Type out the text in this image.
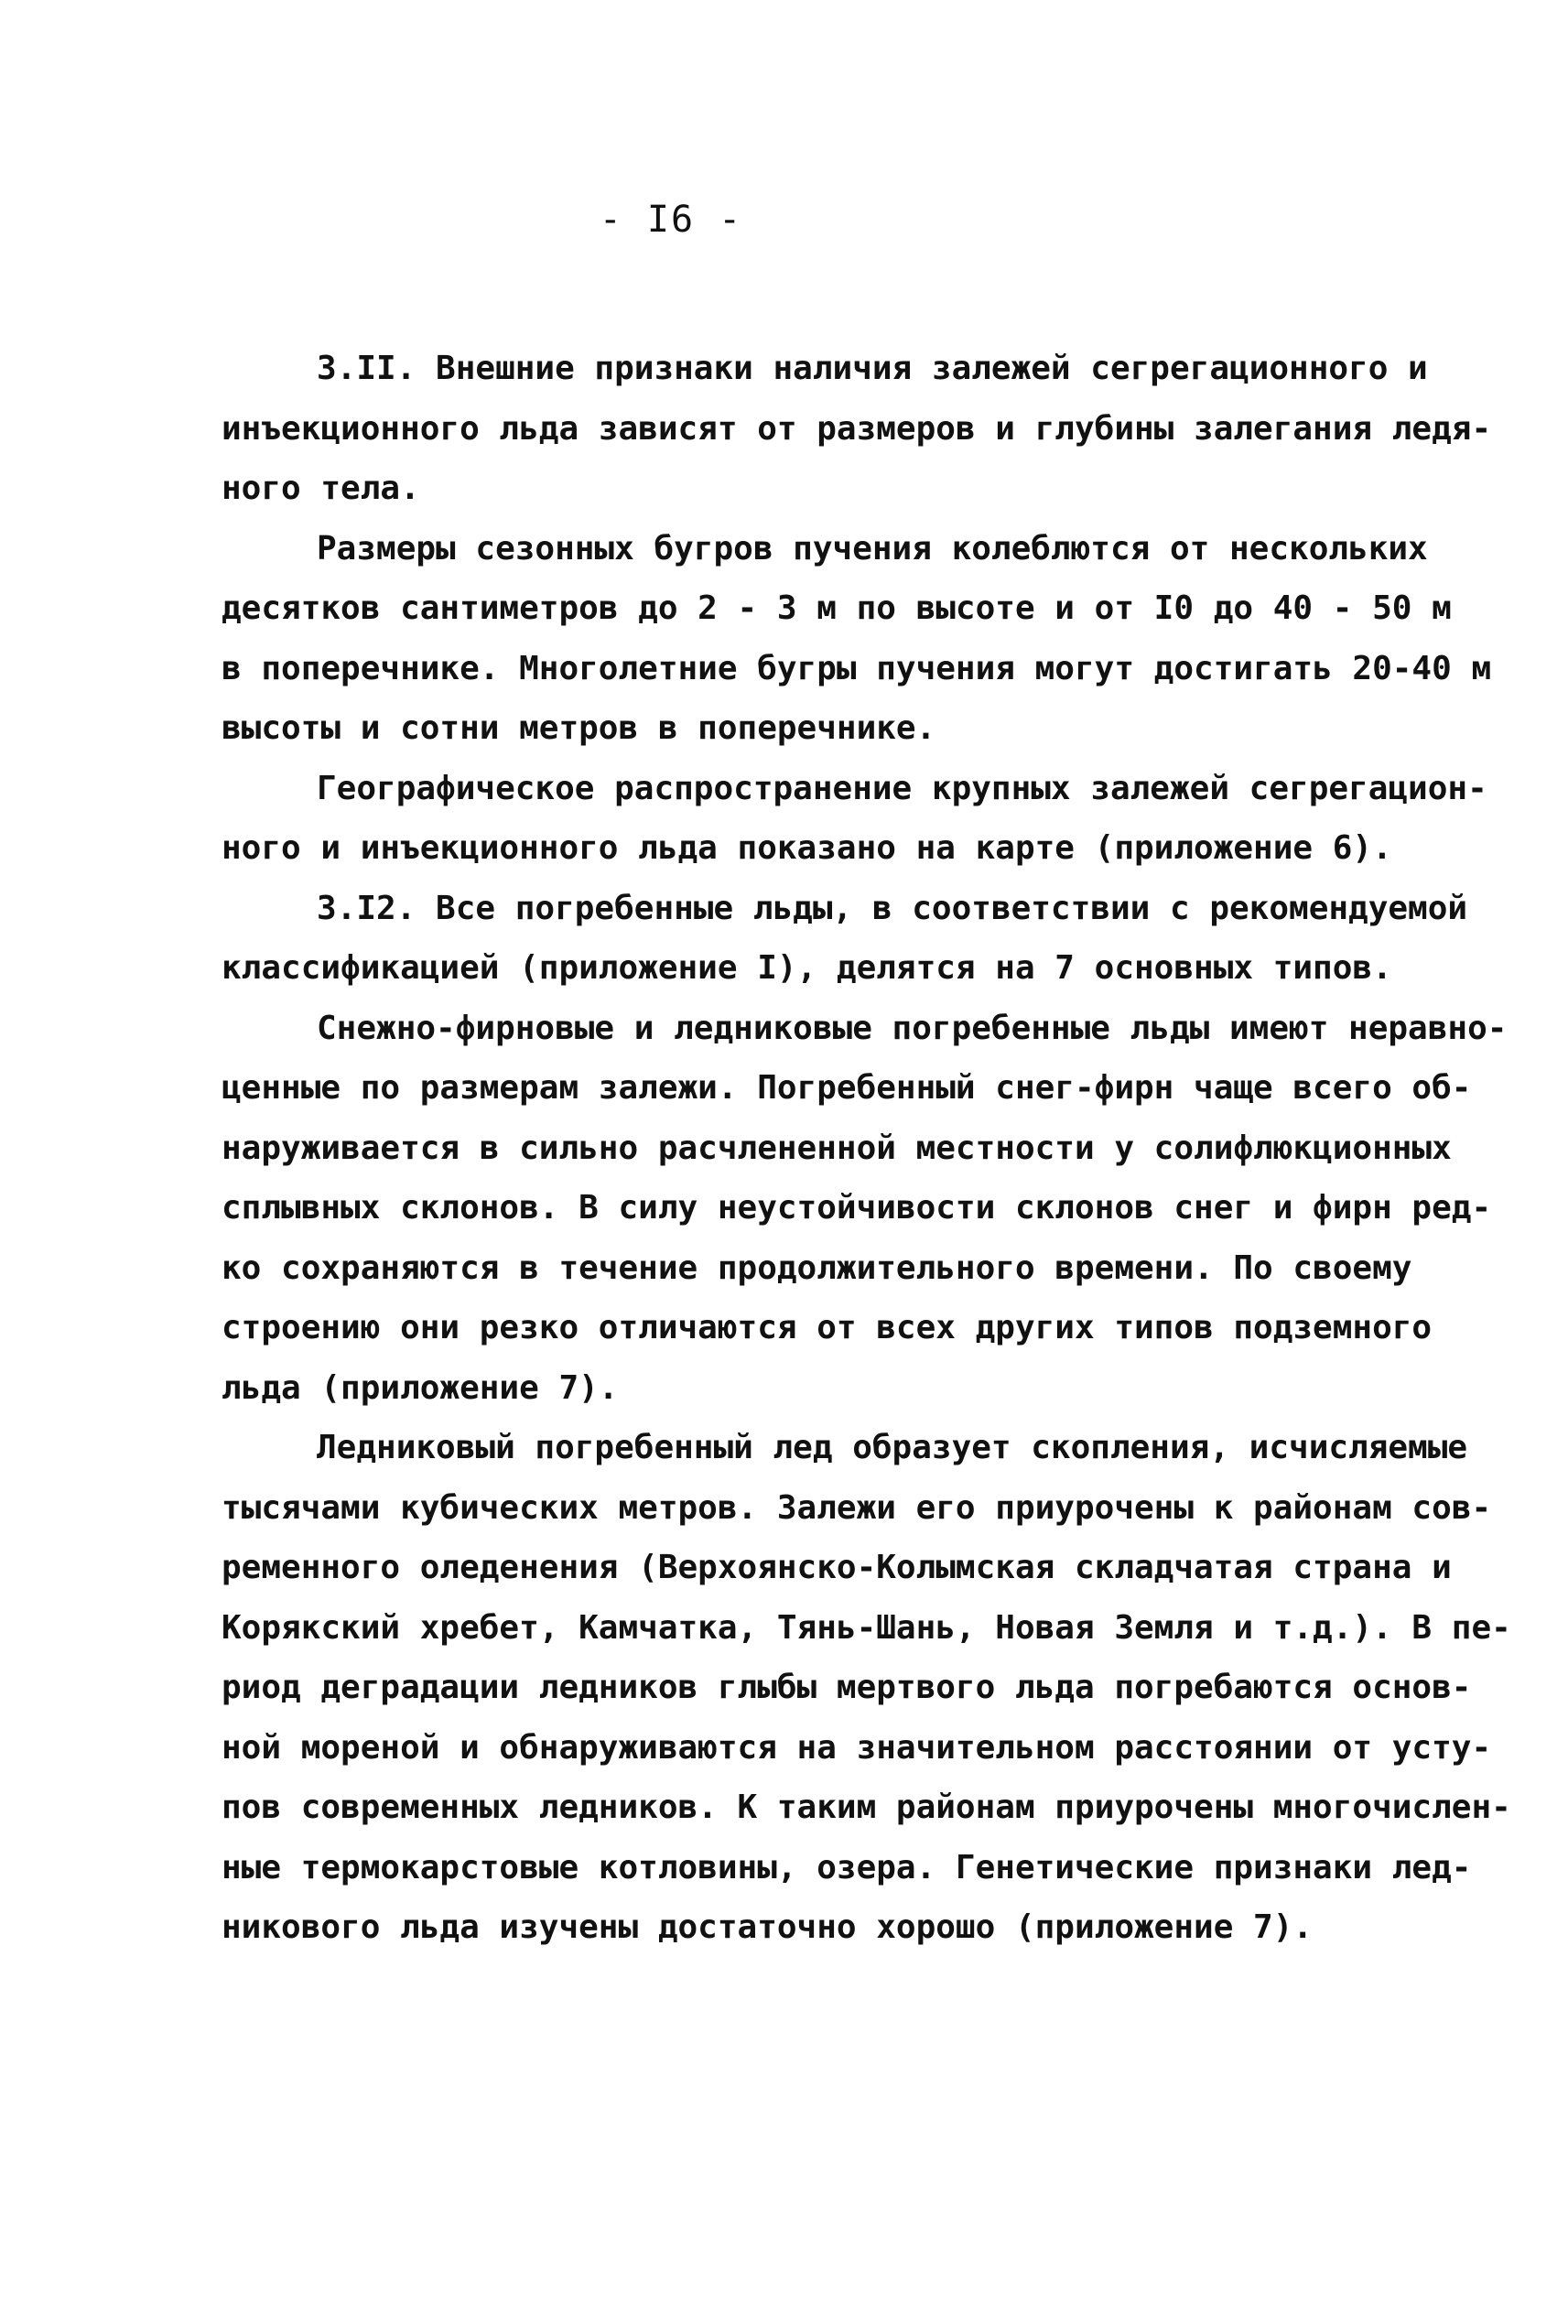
- I6 -
3.II. Внешние признаки наличия залежей сегрегационного и
инъекционного льда зависят от размеров и глубины залегания ледя-
ного тела.
Размеры сезонных бугров пучения колеблются от нескольких
десятков сантиметров до 2 - 3 м по высоте и от I0 до 40 - 50 м
в поперечнике. Многолетние бугры пучения могут достигать 20-40 м
высоты и сотни метров в поперечнике.
Географическое распространение крупных залежей сегрегацион-
ного и инъекционного льда показано на карте (приложение 6).
3.I2. Все погребенные льды, в соответствии с рекомендуемой
классификацией (приложение I), делятся на 7 основных типов.
Снежно-фирновые и ледниковые погребенные льды имеют неравно-
ценные по размерам залежи. Погребенный снег-фирн чаще всего об-
наруживается в сильно расчлененной местности у солифлюкционных
сплывных склонов. В силу неустойчивости склонов снег и фирн ред-
ко сохраняются в течение продолжительного времени. По своему
строению они резко отличаются от всех других типов подземного
льда (приложение 7).
Ледниковый погребенный лед образует скопления, исчисляемые
тысячами кубических метров. Залежи его приурочены к районам сов-
ременного оледенения (Верхоянско-Колымская складчатая страна и
Корякский хребет, Камчатка, Тянь-Шань, Новая Земля и т.д.). В пе-
риод деградации ледников глыбы мертвого льда погребаются основ-
ной мореной и обнаруживаются на значительном расстоянии от усту-
пов современных ледников. К таким районам приурочены многочислен-
ные термокарстовые котловины, озера. Генетические признаки лед-
никового льда изучены достаточно хорошо (приложение 7).
